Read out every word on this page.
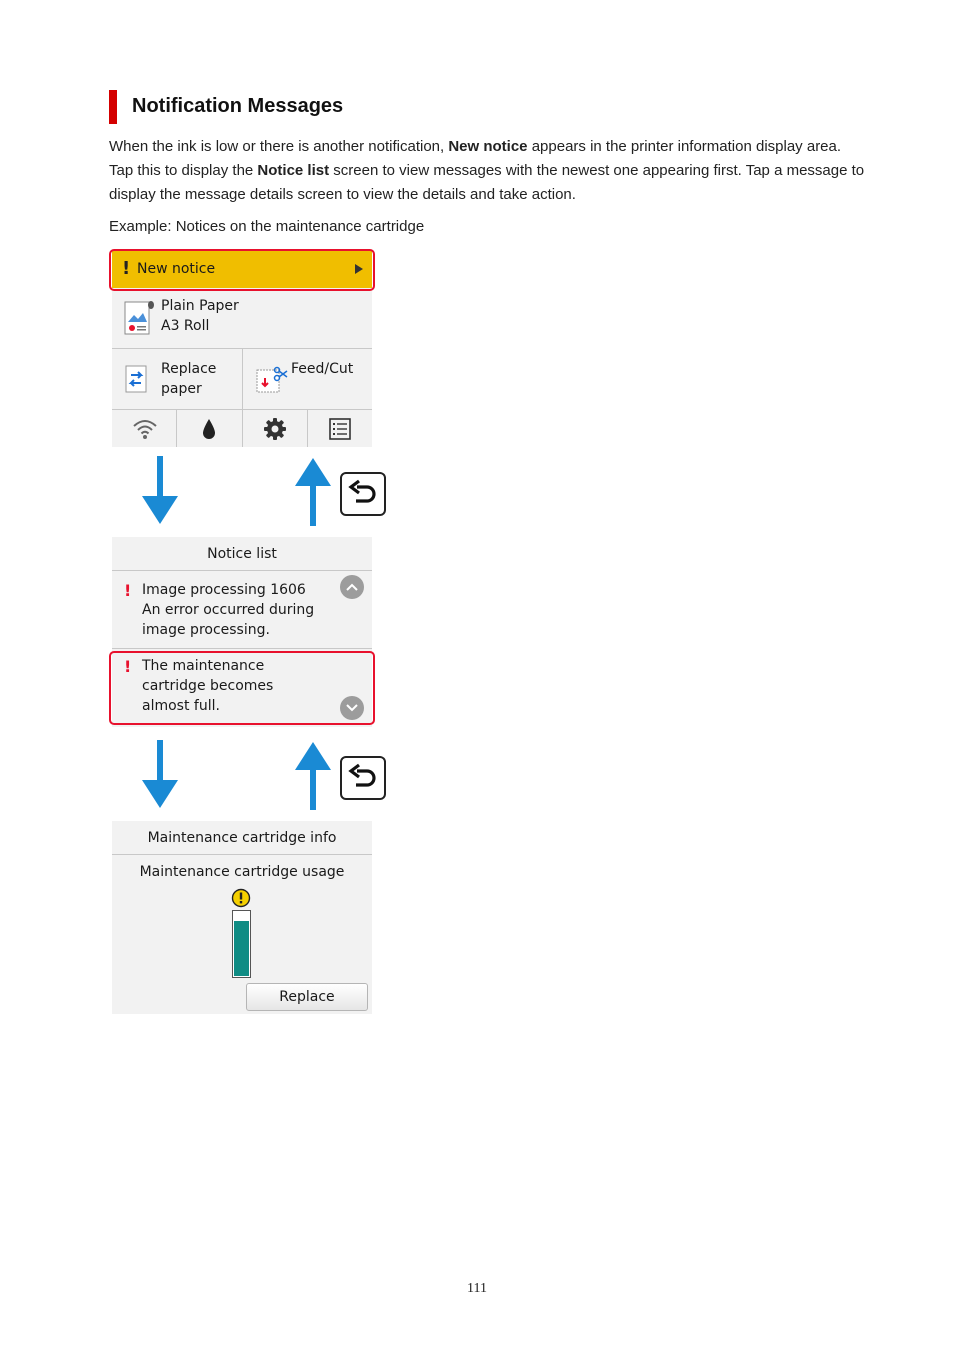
Notification Messages

When the ink is low or there is another notification, New notice appears in the printer information display area. Tap this to display the Notice list screen to view messages with the newest one appearing first. Tap a message to display the message details screen to view the details and take action.

Example: Notices on the maintenance cartridge

! New notice
Plain Paper
A3 Roll
Replace
paper
Feed/Cut
Notice list
! Image processing 1606
An error occurred during
image processing.
! The maintenance
cartridge becomes
almost full.
Maintenance cartridge info
Maintenance cartridge usage
Replace
111
